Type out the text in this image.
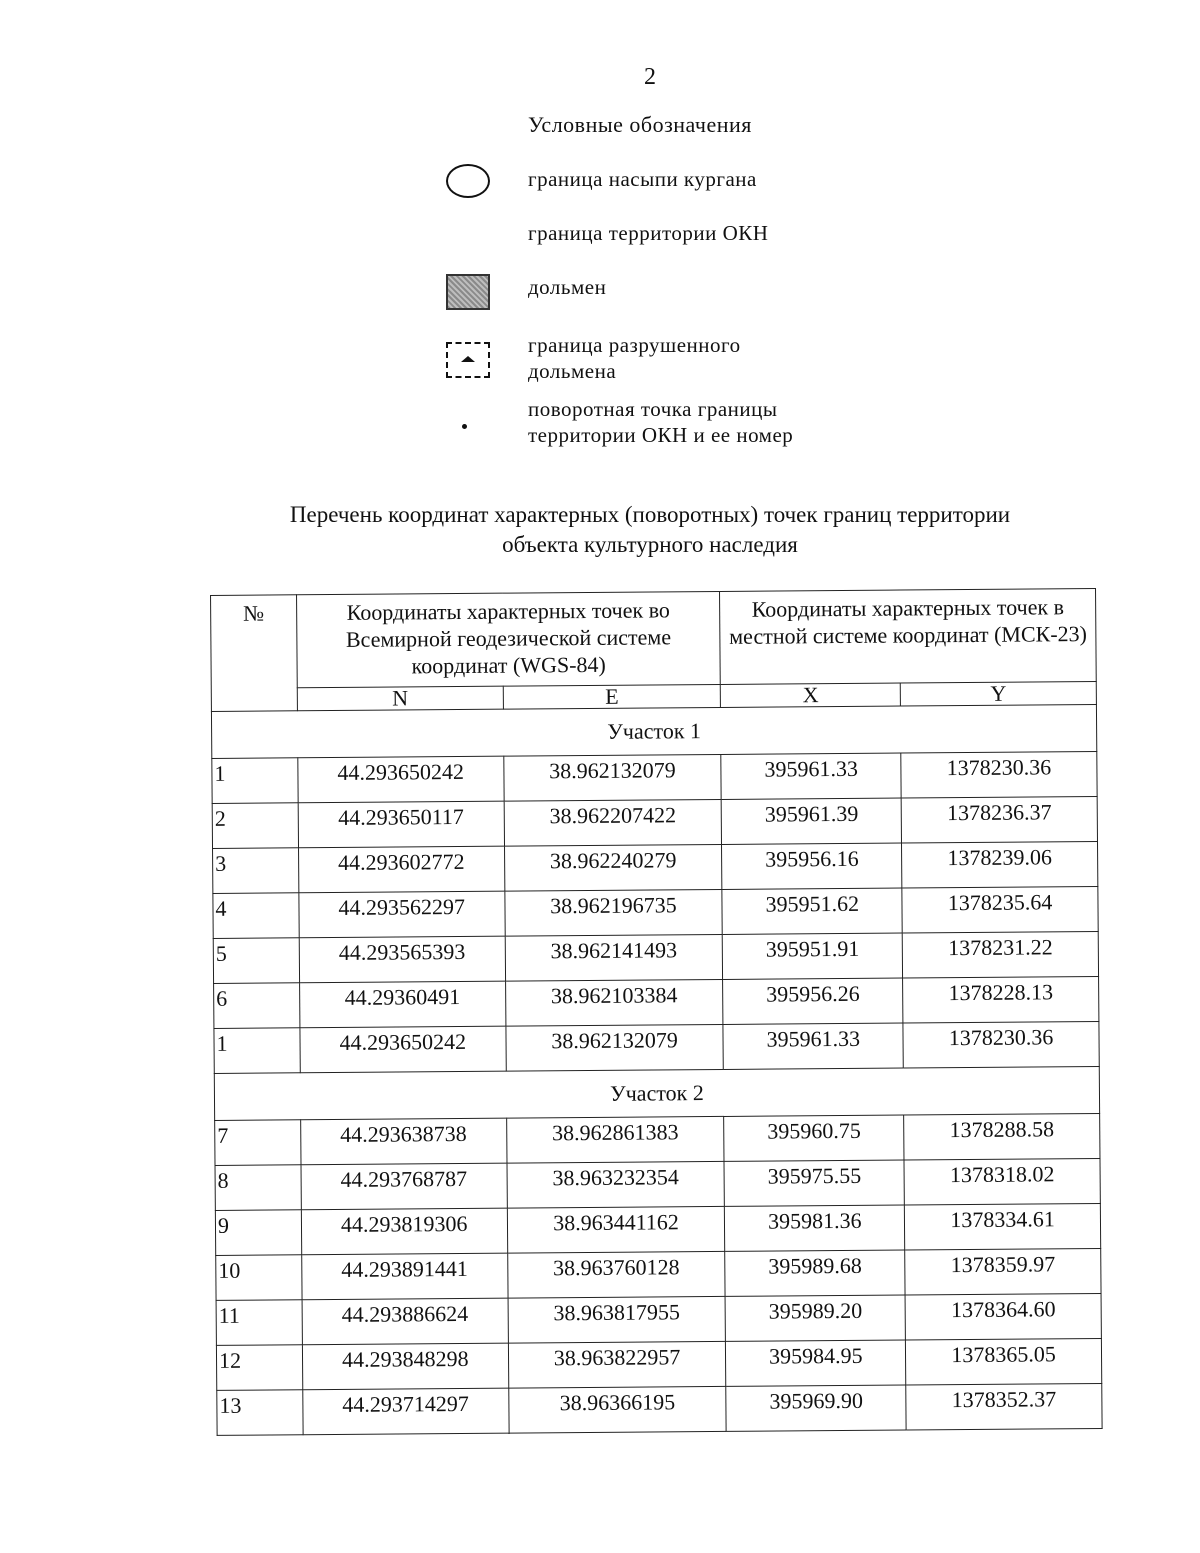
2
Условные обозначения
граница насыпи кургана
граница территории ОКН
дольмен
граница разрушенного
дольмена
поворотная точка границы
территории ОКН и ее номер
Перечень координат характерных (поворотных) точек границ территории
объекта культурного наследия
№	Координаты характерных точек во Всемирной геодезической системе координат (WGS-84)		Координаты характерных точек в местной системе координат (МСК-23)	
	N	E	X	Y
Участок 1				
1	44.293650242	38.962132079	395961.33	1378230.36
2	44.293650117	38.962207422	395961.39	1378236.37
3	44.293602772	38.962240279	395956.16	1378239.06
4	44.293562297	38.962196735	395951.62	1378235.64
5	44.293565393	38.962141493	395951.91	1378231.22
6	44.29360491	38.962103384	395956.26	1378228.13
1	44.293650242	38.962132079	395961.33	1378230.36
Участок 2				
7	44.293638738	38.962861383	395960.75	1378288.58
8	44.293768787	38.963232354	395975.55	1378318.02
9	44.293819306	38.963441162	395981.36	1378334.61
10	44.293891441	38.963760128	395989.68	1378359.97
11	44.293886624	38.963817955	395989.20	1378364.60
12	44.293848298	38.963822957	395984.95	1378365.05
13	44.293714297	38.96366195	395969.90	1378352.37
